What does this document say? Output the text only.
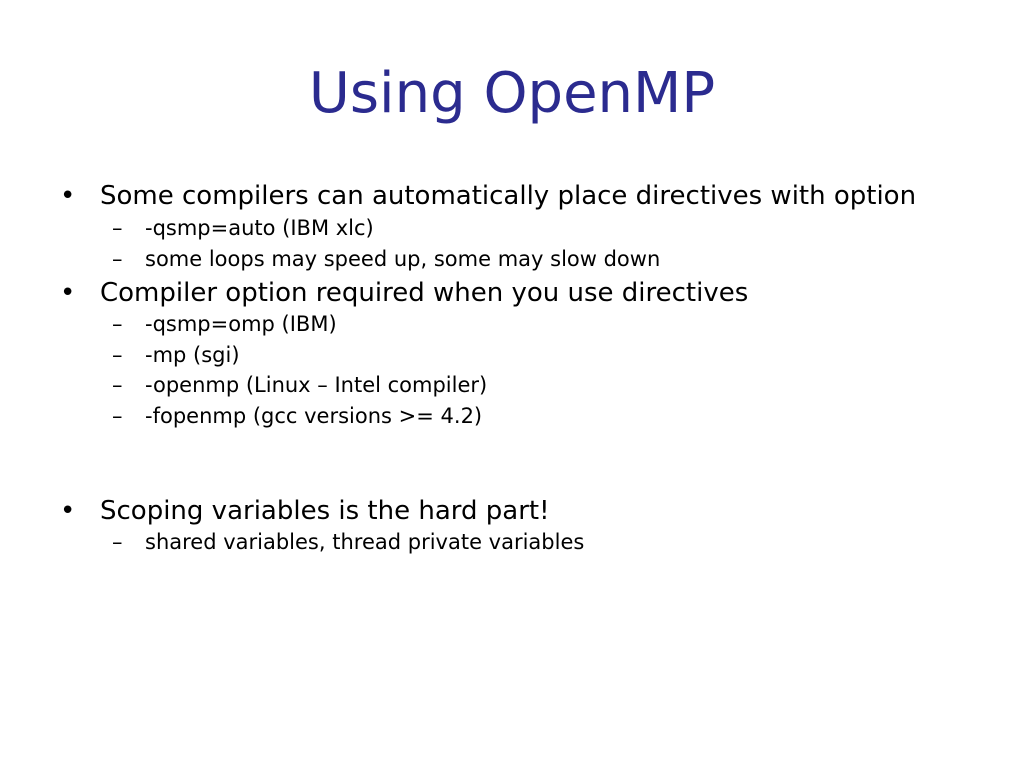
Using OpenMP
• Some compilers can automatically place directives with option
– -qsmp=auto (IBM xlc)
– some loops may speed up, some may slow down
• Compiler option required when you use directives
– -qsmp=omp (IBM)
– -mp (sgi)
– -openmp (Linux – Intel compiler)
– -fopenmp (gcc versions >= 4.2)
• Scoping variables is the hard part!
– shared variables, thread private variables
